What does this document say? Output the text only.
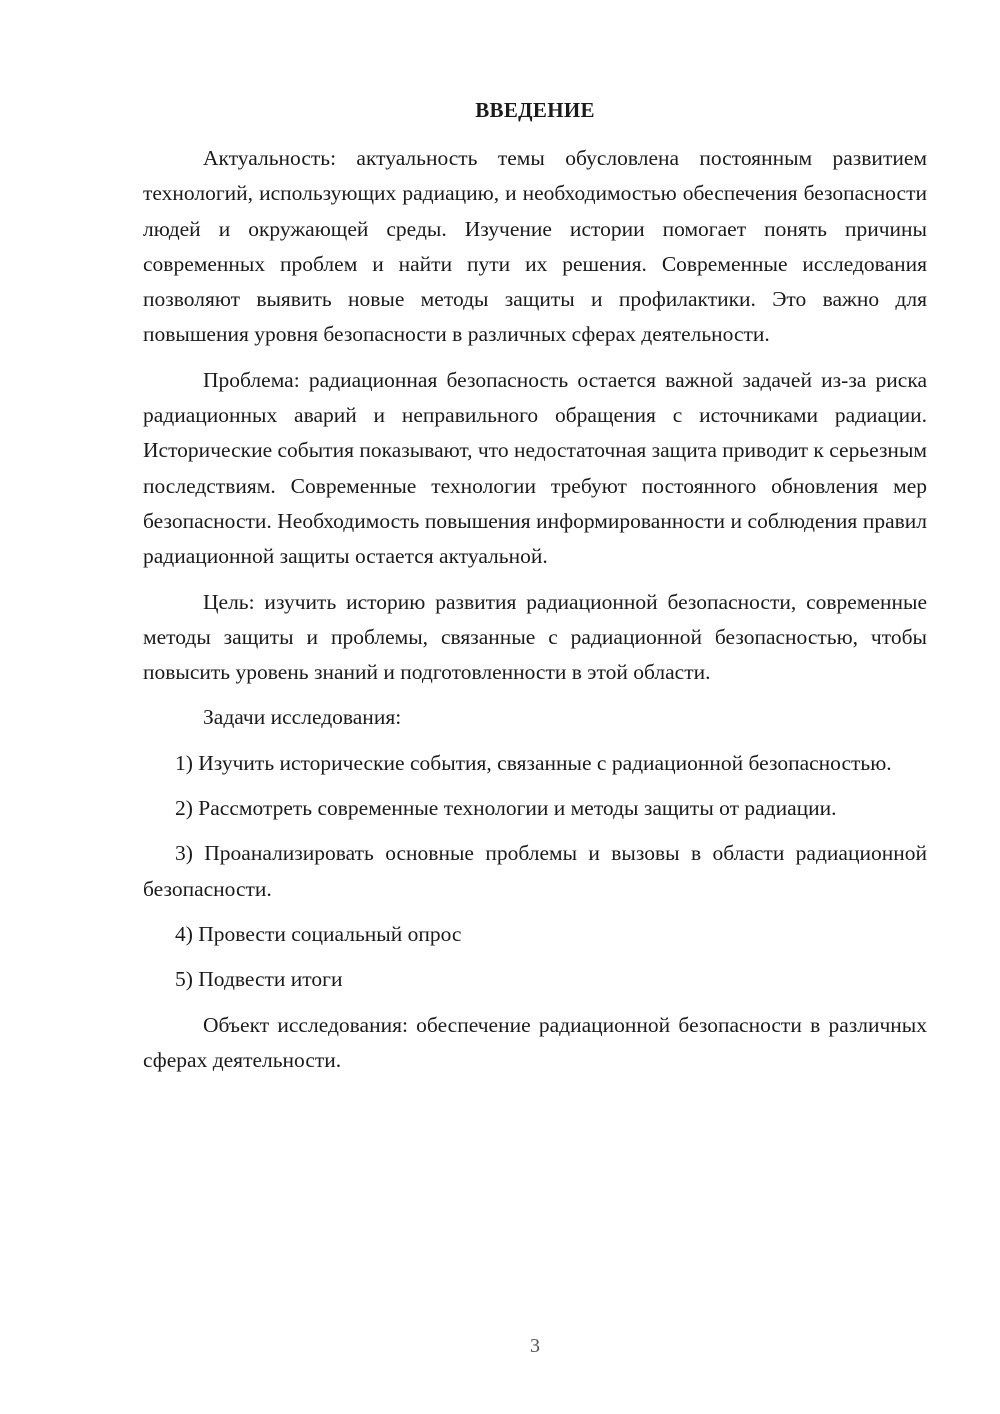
ВВЕДЕНИЕ

Актуальность: актуальность темы обусловлена постоянным развитием технологий, использующих радиацию, и необходимостью обеспечения безопасности людей и окружающей среды. Изучение истории помогает понять причины современных проблем и найти пути их решения. Современные исследования позволяют выявить новые методы защиты и профилактики. Это важно для повышения уровня безопасности в различных сферах деятельности.

Проблема: радиационная безопасность остается важной задачей из-за риска радиационных аварий и неправильного обращения с источниками радиации. Исторические события показывают, что недостаточная защита приводит к серьезным последствиям. Современные технологии требуют постоянного обновления мер безопасности. Необходимость повышения информированности и соблюдения правил радиационной защиты остается актуальной.

Цель: изучить историю развития радиационной безопасности, современные методы защиты и проблемы, связанные с радиационной безопасностью, чтобы повысить уровень знаний и подготовленности в этой области.

Задачи исследования:

1) Изучить исторические события, связанные с радиационной безопасностью.

2) Рассмотреть современные технологии и методы защиты от радиации.

3) Проанализировать основные проблемы и вызовы в области радиационной безопасности.

4) Провести социальный опрос

5) Подвести итоги

Объект исследования: обеспечение радиационной безопасности в различных сферах деятельности.

3
